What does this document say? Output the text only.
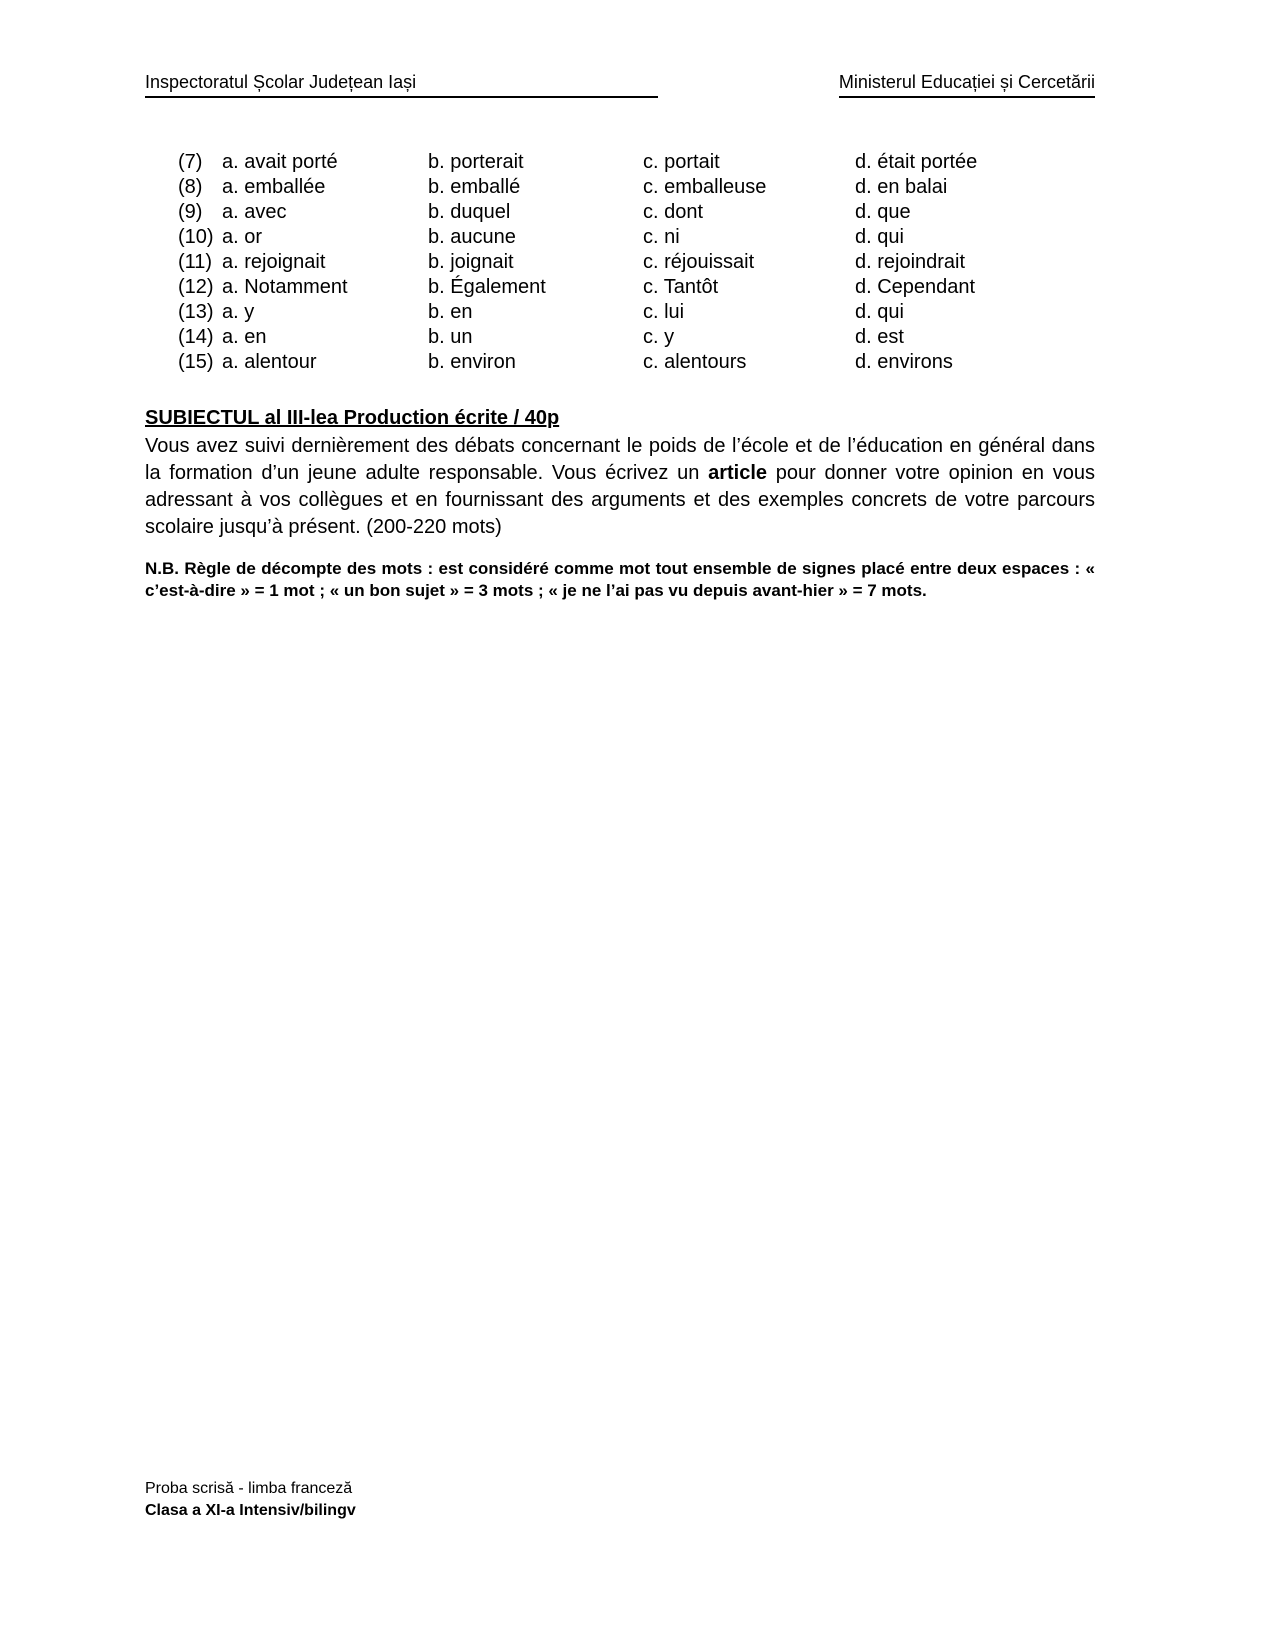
Inspectoratul Școlar Județean Iași	Ministerul Educației și Cercetării
(7) a. avait porté	b. porterait	c. portait	d. était portée
(8) a. emballée	b. emballé	c. emballeuse	d. en balai
(9) a. avec	b. duquel	c. dont	d. que
(10) a. or	b. aucune	c. ni	d. qui
(11) a. rejoignait	b. joignait	c. réjouissait	d. rejoindrait
(12) a. Notamment	b. Également	c. Tantôt	d. Cependant
(13) a. y	b. en	c. lui	d. qui
(14) a. en	b. un	c. y	d. est
(15) a. alentour	b. environ	c. alentours	d. environs
SUBIECTUL al III-lea Production écrite / 40p

Vous avez suivi dernièrement des débats concernant le poids de l’école et de l’éducation en général dans la formation d’un jeune adulte responsable. Vous écrivez un article pour donner votre opinion en vous adressant à vos collègues et en fournissant des arguments et des exemples concrets de votre parcours scolaire jusqu’à présent. (200-220 mots)

N.B. Règle de décompte des mots : est considéré comme mot tout ensemble de signes placé entre deux espaces : « c’est-à-dire » = 1 mot ; « un bon sujet » = 3 mots ; « je ne l’ai pas vu depuis avant-hier » = 7 mots.

Proba scrisă - limba franceză
Clasa a XI-a Intensiv/bilingv
